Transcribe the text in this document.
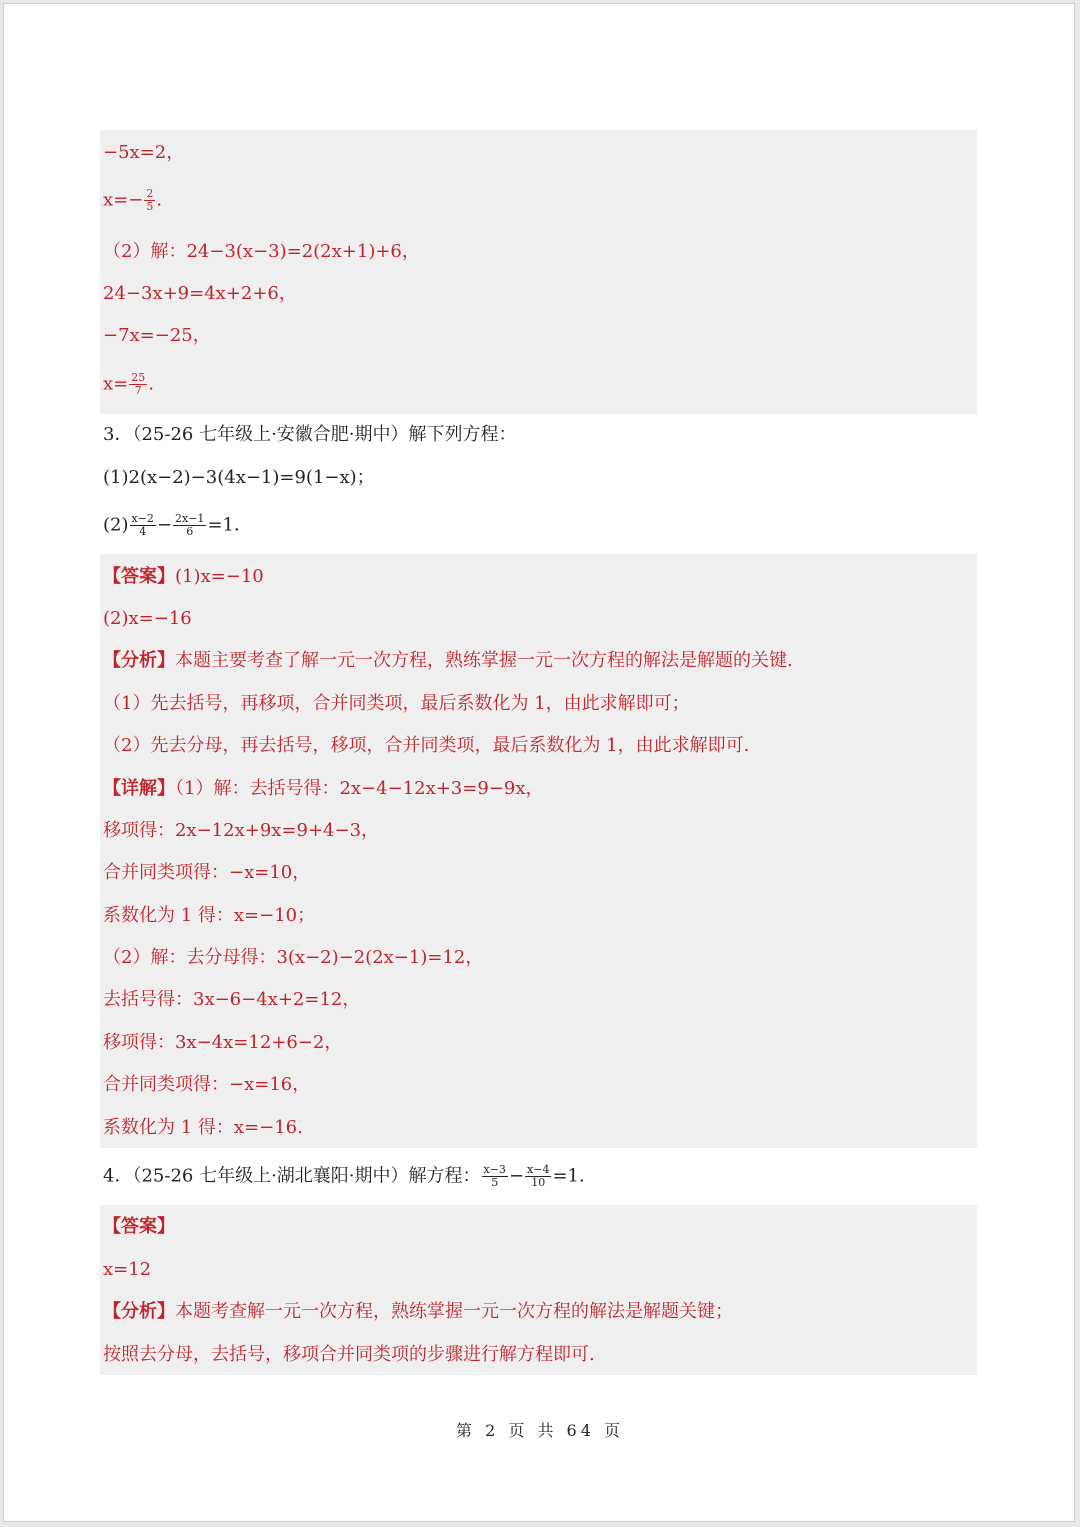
−5x=2，
$x=- \frac{2}{5}$ .
（2）解：24−3(x−3)=2(2x+1)+6，
24−3x+9=4x+2+6，
−7x=−25，
$x= \frac{25}{7}$ .
3．（25-26 七年级上·安徽合肥·期中）解下列方程：
(1)2(x−2)−3(4x−1)=9(1−x)；
$(2) \frac{x-2}{4} - \frac{2x-1}{6} =1$．
【答案】(1)x=−10
(2)x=−16
【分析】本题主要考查了解一元一次方程，熟练掌握一元一次方程的解法是解题的关键.
（1）先去括号，再移项，合并同类项，最后系数化为 1，由此求解即可；
（2）先去分母，再去括号，移项，合并同类项，最后系数化为 1，由此求解即可.
【详解】（1）解：去括号得：2x−4−12x+3=9−9x，
移项得：2x−12x+9x=9+4−3，
合并同类项得：−x=10，
系数化为 1 得：x=−10；
（2）解：去分母得：3(x−2)−2(2x−1)=12，
去括号得：3x−6−4x+2=12，
移项得：3x−4x=12+6−2，
合并同类项得：−x=16，
系数化为 1 得：x=−16.
4．（25-26 七年级上·湖北襄阳·期中）解方程： $\frac{x-3}{5} - \frac{x-4}{10} =1$.
【答案】
x=12
【分析】本题考查解一元一次方程，熟练掌握一元一次方程的解法是解题关键；
按照去分母，去括号，移项合并同类项的步骤进行解方程即可.
第 2 页 共 64 页
